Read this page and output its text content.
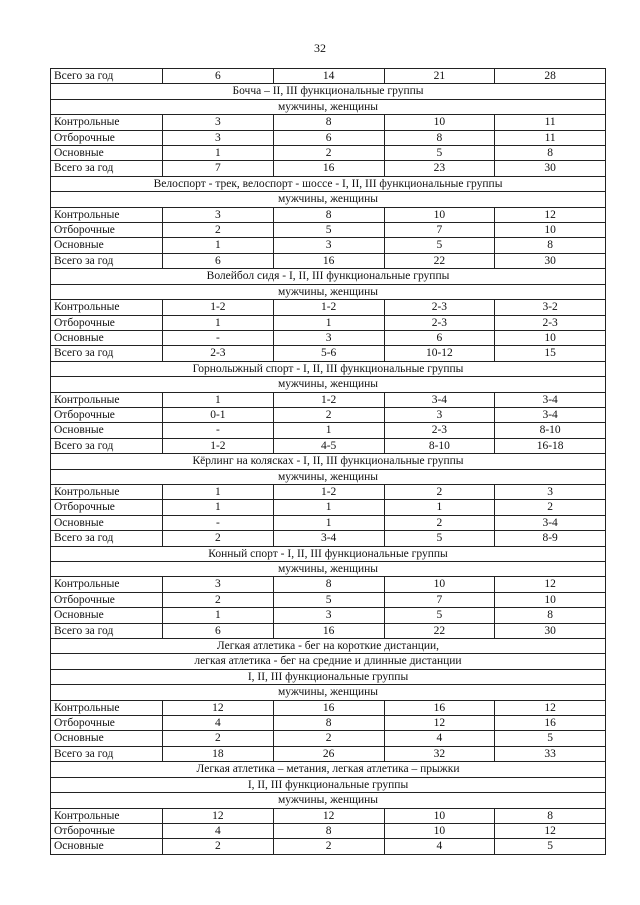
32
Всего за год	6	14	21	28
Бочча – II, III функциональные группы				
мужчины, женщины				
Контрольные	3	8	10	11
Отборочные	3	6	8	11
Основные	1	2	5	8
Всего за год	7	16	23	30
Велоспорт - трек, велоспорт - шоссе - I, II, III функциональные группы				
мужчины, женщины				
Контрольные	3	8	10	12
Отборочные	2	5	7	10
Основные	1	3	5	8
Всего за год	6	16	22	30
Волейбол сидя - I, II, III функциональные группы				
мужчины, женщины				
Контрольные	1-2	1-2	2-3	3-2
Отборочные	1	1	2-3	2-3
Основные	-	3	6	10
Всего за год	2-3	5-6	10-12	15
Горнолыжный спорт - I, II, III функциональные группы				
мужчины, женщины				
Контрольные	1	1-2	3-4	3-4
Отборочные	0-1	2	3	3-4
Основные	-	1	2-3	8-10
Всего за год	1-2	4-5	8-10	16-18
Кёрлинг на колясках - I, II, III функциональные группы				
мужчины, женщины				
Контрольные	1	1-2	2	3
Отборочные	1	1	1	2
Основные	-	1	2	3-4
Всего за год	2	3-4	5	8-9
Конный спорт - I, II, III функциональные группы				
мужчины, женщины				
Контрольные	3	8	10	12
Отборочные	2	5	7	10
Основные	1	3	5	8
Всего за год	6	16	22	30
Легкая атлетика - бег на короткие дистанции,				
легкая атлетика - бег на средние и длинные дистанции				
I, II, III функциональные группы				
мужчины, женщины				
Контрольные	12	16	16	12
Отборочные	4	8	12	16
Основные	2	2	4	5
Всего за год	18	26	32	33
Легкая атлетика – метания, легкая атлетика – прыжки				
I, II, III функциональные группы				
мужчины, женщины				
Контрольные	12	12	10	8
Отборочные	4	8	10	12
Основные	2	2	4	5
